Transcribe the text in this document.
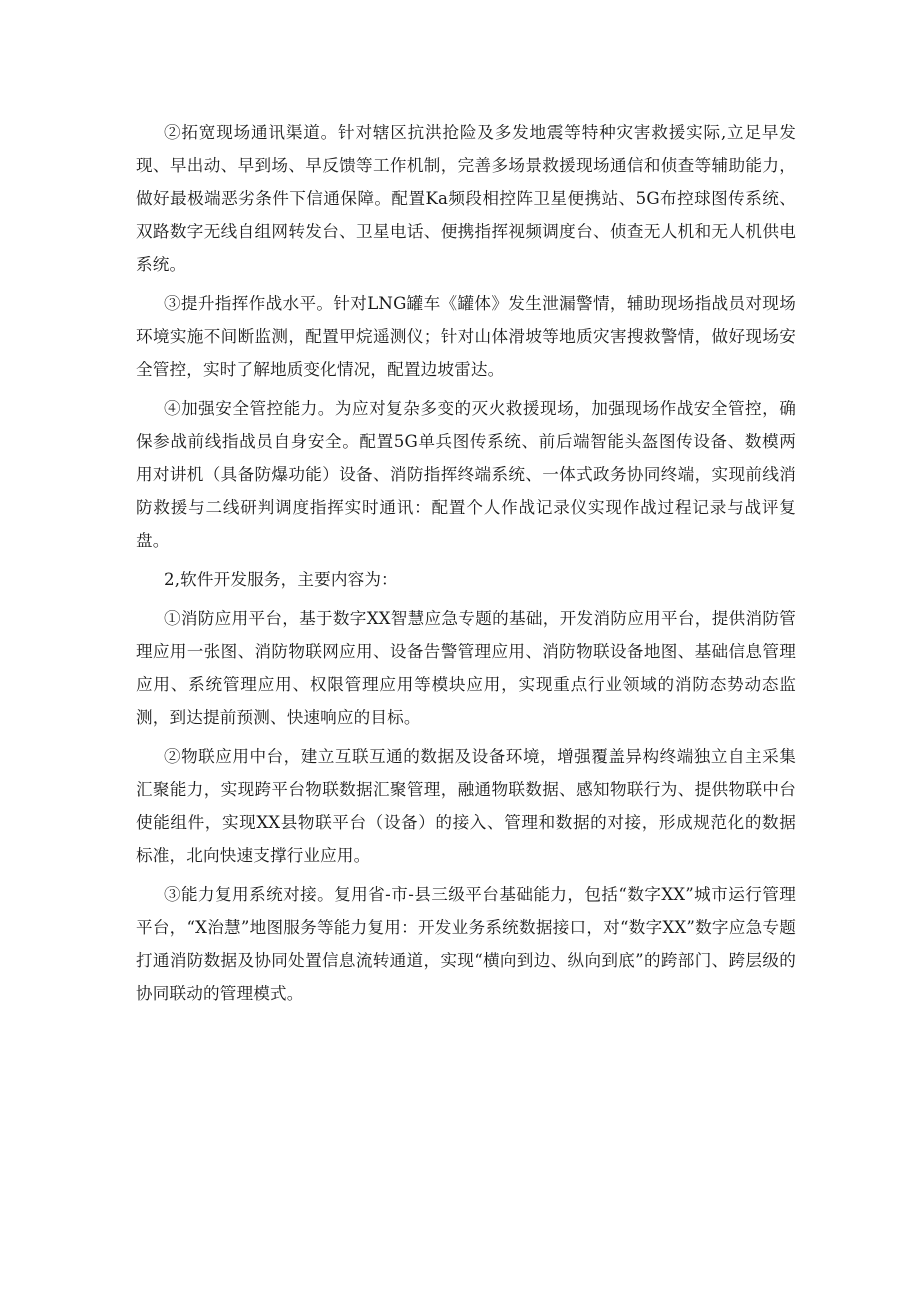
②拓宽现场通讯渠道。针对辖区抗洪抢险及多发地震等特种灾害救援实际,立足早发现、早出动、早到场、早反馈等工作机制，完善多场景救援现场通信和侦查等辅助能力，做好最极端恶劣条件下信通保障。配置Ka频段相控阵卫星便携站、5G布控球图传系统、双路数字无线自组网转发台、卫星电话、便携指挥视频调度台、侦查无人机和无人机供电系统。

③提升指挥作战水平。针对LNG罐车《罐体》发生泄漏警情，辅助现场指战员对现场环境实施不间断监测，配置甲烷遥测仪；针对山体滑坡等地质灾害搜救警情，做好现场安全管控，实时了解地质变化情况，配置边坡雷达。

④加强安全管控能力。为应对复杂多变的灭火救援现场，加强现场作战安全管控，确保参战前线指战员自身安全。配置5G单兵图传系统、前后端智能头盔图传设备、数模两用对讲机（具备防爆功能）设备、消防指挥终端系统、一体式政务协同终端，实现前线消防救援与二线研判调度指挥实时通讯：配置个人作战记录仪实现作战过程记录与战评复盘。

2,软件开发服务，主要内容为：

①消防应用平台，基于数字XX智慧应急专题的基础，开发消防应用平台，提供消防管理应用一张图、消防物联网应用、设备告警管理应用、消防物联设备地图、基础信息管理应用、系统管理应用、权限管理应用等模块应用，实现重点行业领域的消防态势动态监测，到达提前预测、快速响应的目标。

②物联应用中台，建立互联互通的数据及设备环境，增强覆盖异构终端独立自主采集汇聚能力，实现跨平台物联数据汇聚管理，融通物联数据、感知物联行为、提供物联中台使能组件，实现XX县物联平台（设备）的接入、管理和数据的对接，形成规范化的数据标准，北向快速支撑行业应用。

③能力复用系统对接。复用省-市-县三级平台基础能力，包括“数字XX”城市运行管理平台，“X治慧”地图服务等能力复用：开发业务系统数据接口，对“数字XX”数字应急专题打通消防数据及协同处置信息流转通道，实现“横向到边、纵向到底”的跨部门、跨层级的协同联动的管理模式。
